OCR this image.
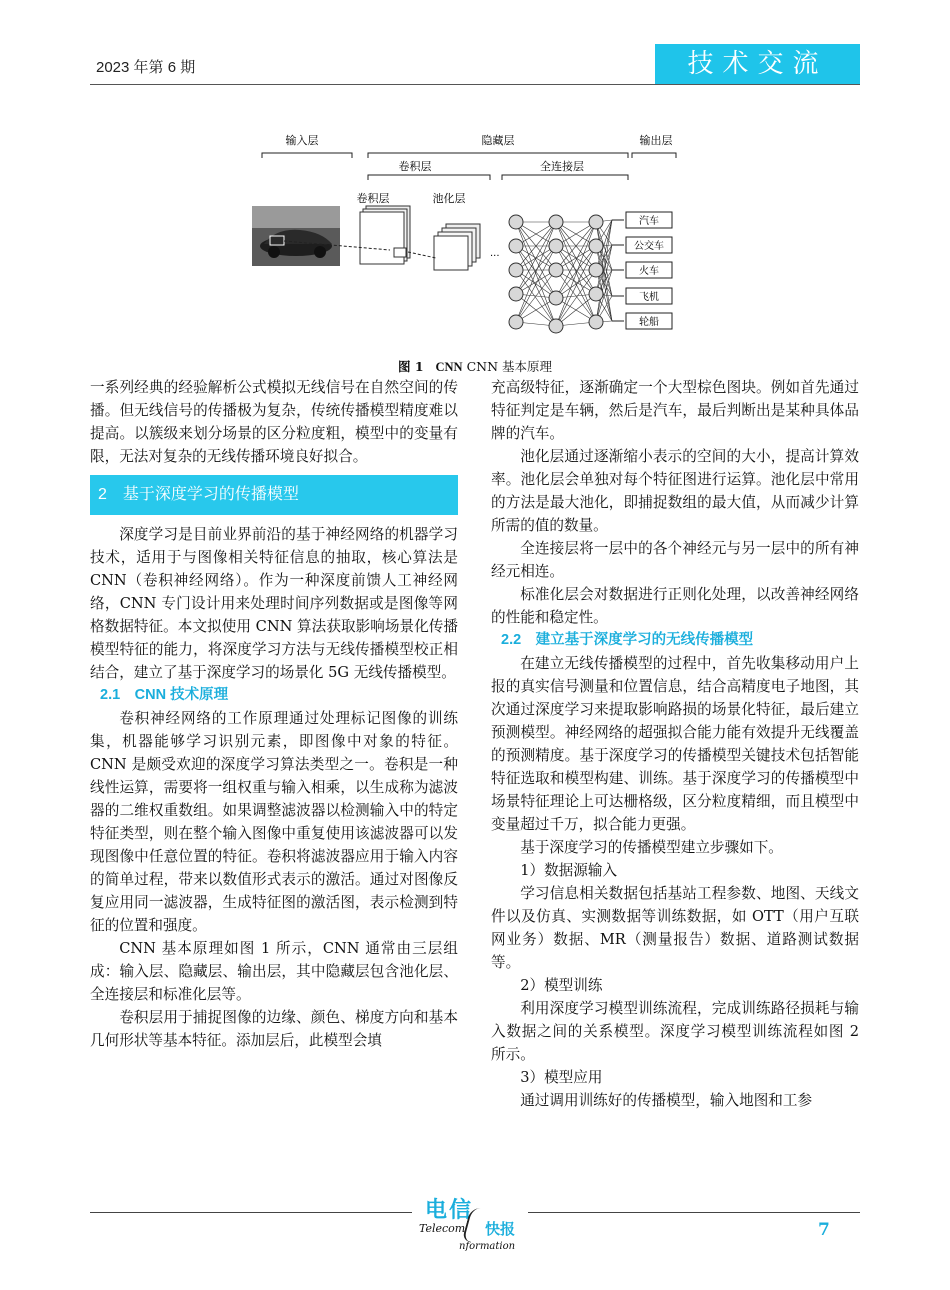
2023 年第 6 期	技术交流
输入层	隐藏层	输出层
卷积层	全连接层
卷积层	池化层
...
汽车
公交车
火车
飞机
轮船
图 1 CNN CNN 基本原理

一系列经典的经验解析公式模拟无线信号在自然空间的传播。但无线信号的传播极为复杂，传统传播模型精度难以提高。以簇级来划分场景的区分粒度粗，模型中的变量有限，无法对复杂的无线传播环境良好拟合。

2　基于深度学习的传播模型

深度学习是目前业界前沿的基于神经网络的机器学习技术，适用于与图像相关特征信息的抽取，核心算法是 CNN（卷积神经网络）。作为一种深度前馈人工神经网络，CNN 专门设计用来处理时间序列数据或是图像等网格数据特征。本文拟使用 CNN 算法获取影响场景化传播模型特征的能力，将深度学习方法与无线传播模型校正相结合，建立了基于深度学习的场景化 5G 无线传播模型。

2.1　CNN 技术原理

卷积神经网络的工作原理通过处理标记图像的训练集，机器能够学习识别元素，即图像中对象的特征。CNN 是颇受欢迎的深度学习算法类型之一。卷积是一种线性运算，需要将一组权重与输入相乘，以生成称为滤波器的二维权重数组。如果调整滤波器以检测输入中的特定特征类型，则在整个输入图像中重复使用该滤波器可以发现图像中任意位置的特征。卷积将滤波器应用于输入内容的简单过程，带来以数值形式表示的激活。通过对图像反复应用同一滤波器，生成特征图的激活图，表示检测到特征的位置和强度。

CNN 基本原理如图 1 所示，CNN 通常由三层组成：输入层、隐藏层、输出层，其中隐藏层包含池化层、全连接层和标准化层等。

卷积层用于捕捉图像的边缘、颜色、梯度方向和基本几何形状等基本特征。添加层后，此模型会填

充高级特征，逐渐确定一个大型棕色图块。例如首先通过特征判定是车辆，然后是汽车，最后判断出是某种具体品牌的汽车。

池化层通过逐渐缩小表示的空间的大小，提高计算效率。池化层会单独对每个特征图进行运算。池化层中常用的方法是最大池化，即捕捉数组的最大值，从而减少计算所需的值的数量。

全连接层将一层中的各个神经元与另一层中的所有神经元相连。

标准化层会对数据进行正则化处理，以改善神经网络的性能和稳定性。

2.2　建立基于深度学习的无线传播模型

在建立无线传播模型的过程中，首先收集移动用户上报的真实信号测量和位置信息，结合高精度电子地图，其次通过深度学习来提取影响路损的场景化特征，最后建立预测模型。神经网络的超强拟合能力能有效提升无线覆盖的预测精度。基于深度学习的传播模型关键技术包括智能特征选取和模型构建、训练。基于深度学习的传播模型中场景特征理论上可达栅格级，区分粒度精细，而且模型中变量超过千万，拟合能力更强。

基于深度学习的传播模型建立步骤如下。

1）数据源输入

学习信息相关数据包括基站工程参数、地图、天线文件以及仿真、实测数据等训练数据，如 OTT（用户互联网业务）数据、MR（测量报告）数据、道路测试数据等。

2）模型训练

利用深度学习模型训练流程，完成训练路径损耗与输入数据之间的关系模型。深度学习模型训练流程如图 2 所示。

3）模型应用

通过调用训练好的传播模型，输入地图和工参

电信
Telecom 快报
nformation
7
